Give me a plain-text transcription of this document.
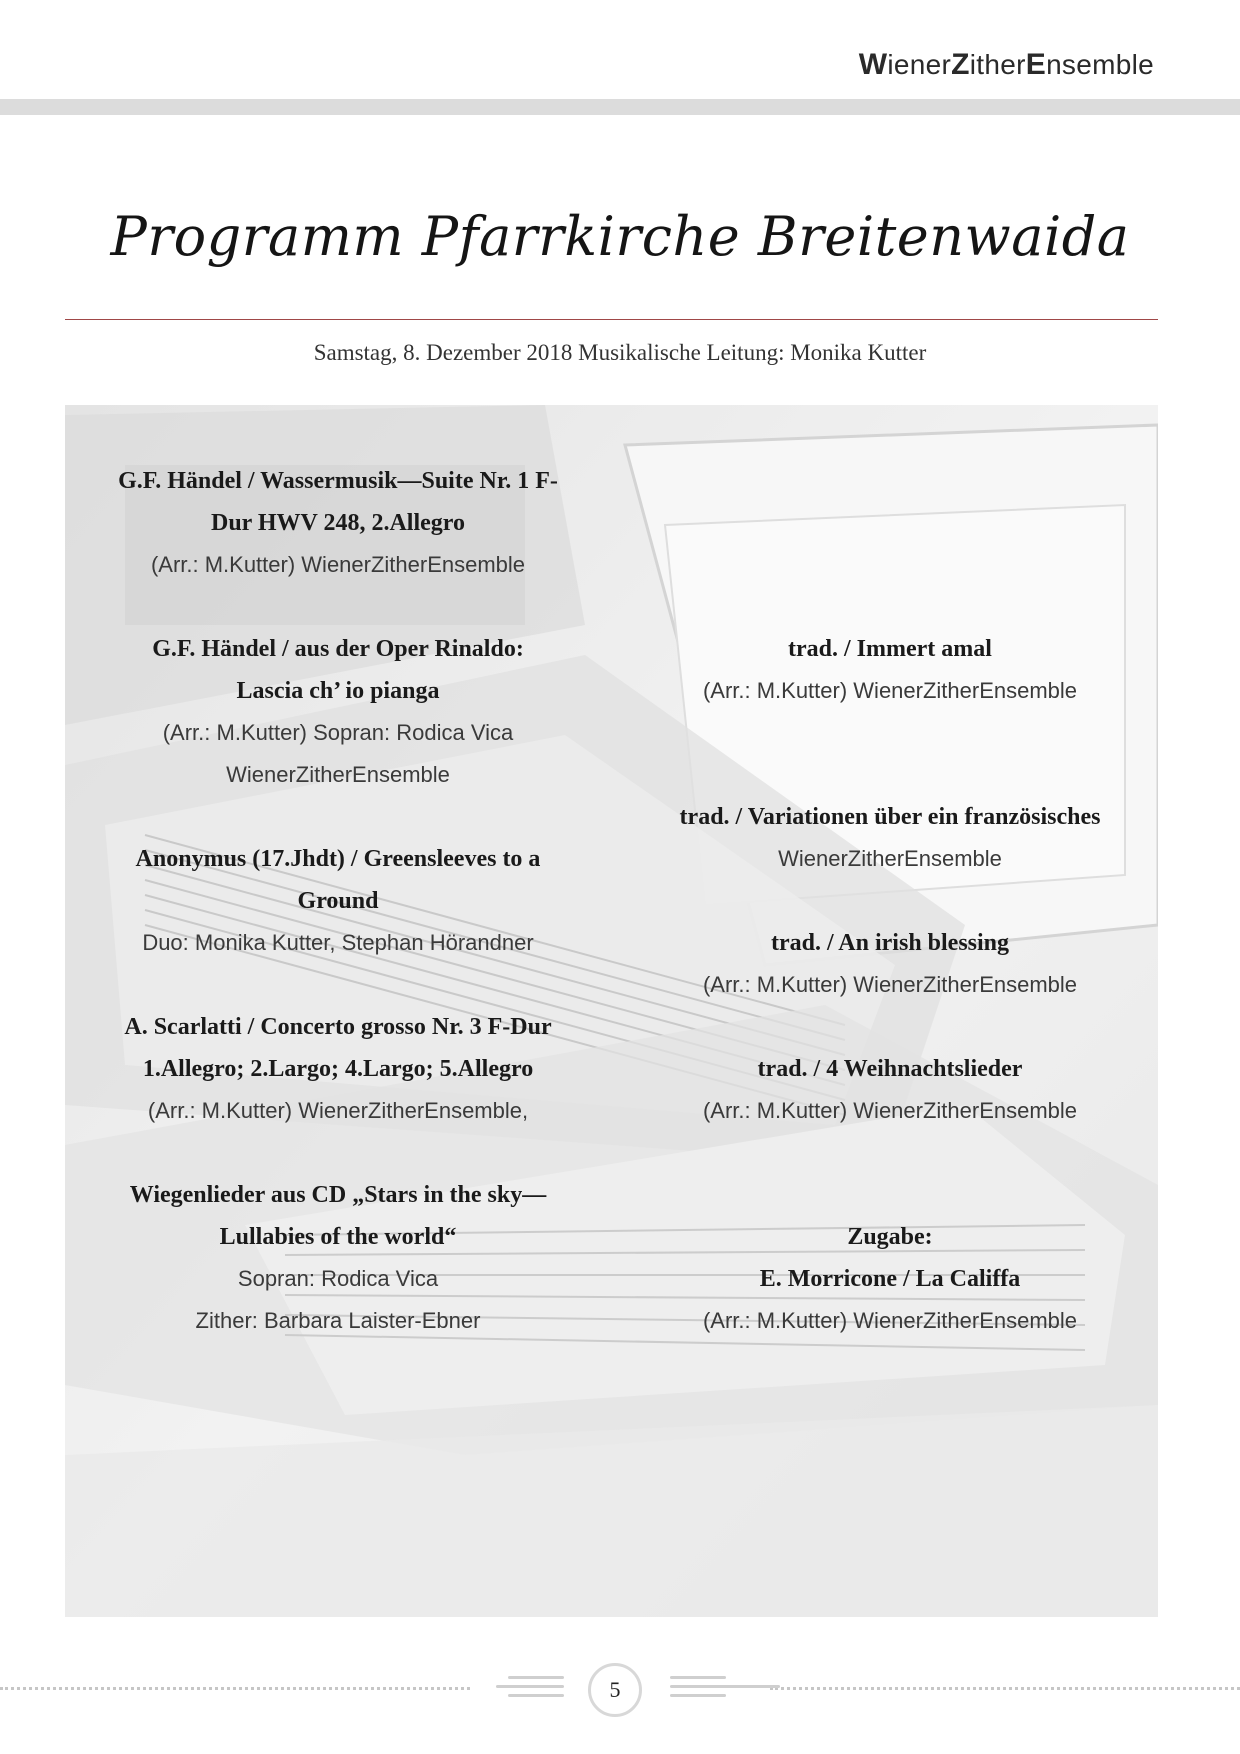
WienerZitherEnsemble
Programm Pfarrkirche Breitenwaida
Samstag, 8. Dezember 2018 Musikalische Leitung: Monika Kutter
G.F. Händel / Wassermusik—Suite Nr. 1 F-
Dur HWV 248, 2.Allegro
(Arr.: M.Kutter) WienerZitherEnsemble
G.F. Händel / aus der Oper Rinaldo:
Lascia ch’ io pianga
(Arr.: M.Kutter) Sopran: Rodica Vica
WienerZitherEnsemble
Anonymus (17.Jhdt) / Greensleeves to a
Ground
Duo: Monika Kutter, Stephan Hörandner
A. Scarlatti / Concerto grosso Nr. 3 F-Dur
1.Allegro; 2.Largo; 4.Largo; 5.Allegro
(Arr.: M.Kutter) WienerZitherEnsemble,
Wiegenlieder aus CD „Stars in the sky—
Lullabies of the world“
Sopran: Rodica Vica
Zither: Barbara Laister-Ebner
trad. / Immert amal
(Arr.: M.Kutter) WienerZitherEnsemble
trad. / Variationen über ein französisches
WienerZitherEnsemble
trad. / An irish blessing
(Arr.: M.Kutter) WienerZitherEnsemble
trad. / 4 Weihnachtslieder
(Arr.: M.Kutter) WienerZitherEnsemble
Zugabe:
E. Morricone / La Califfa
(Arr.: M.Kutter) WienerZitherEnsemble
5
